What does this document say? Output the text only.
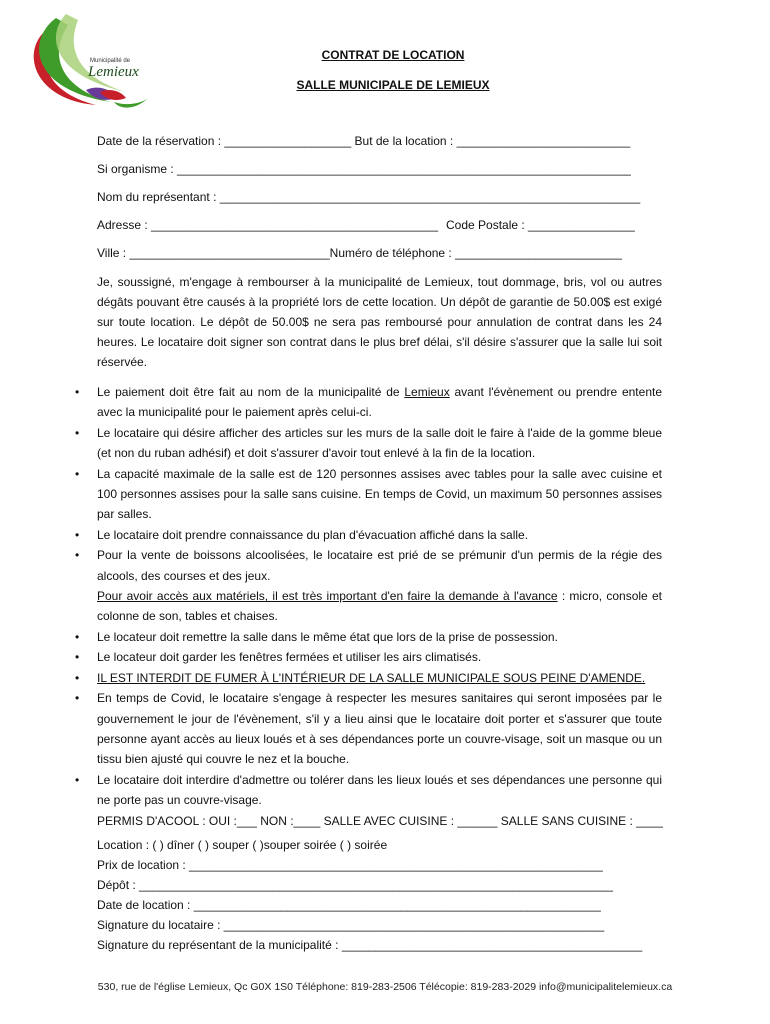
Municipalité de
Lemieux
CONTRAT DE LOCATION
SALLE MUNICIPALE DE LEMIEUX
Date de la réservation : ___________________ But de la location : __________________________
Si organisme : ____________________________________________________________________
Nom du représentant : _______________________________________________________________
Adresse : ___________________________________________ Code Postale : ________________
Ville : ______________________________Numéro de téléphone : _________________________
Je, soussigné, m'engage à rembourser à la municipalité de Lemieux, tout dommage, bris, vol ou autres dégâts pouvant être causés à la propriété lors de cette location. Un dépôt de garantie de 50.00$ est exigé sur toute location. Le dépôt de 50.00$ ne sera pas remboursé pour annulation de contrat dans les 24 heures. Le locataire doit signer son contrat dans le plus bref délai, s'il désire s'assurer que la salle lui soit réservée.
• Le paiement doit être fait au nom de la municipalité de Lemieux avant l'évènement ou prendre entente avec la municipalité pour le paiement après celui-ci.
• Le locataire qui désire afficher des articles sur les murs de la salle doit le faire à l'aide de la gomme bleue (et non du ruban adhésif) et doit s'assurer d'avoir tout enlevé à la fin de la location.
• La capacité maximale de la salle est de 120 personnes assises avec tables pour la salle avec cuisine et 100 personnes assises pour la salle sans cuisine. En temps de Covid, un maximum 50 personnes assises par salles.
• Le locataire doit prendre connaissance du plan d'évacuation affiché dans la salle.
• Pour la vente de boissons alcoolisées, le locataire est prié de se prémunir d'un permis de la régie des alcools, des courses et des jeux.
Pour avoir accès aux matériels, il est très important d'en faire la demande à l'avance : micro, console et colonne de son, tables et chaises.
• Le locateur doit remettre la salle dans le même état que lors de la prise de possession.
• Le locateur doit garder les fenêtres fermées et utiliser les airs climatisés.
• IL EST INTERDIT DE FUMER À L'INTÉRIEUR DE LA SALLE MUNICIPALE SOUS PEINE D'AMENDE.
• En temps de Covid, le locataire s'engage à respecter les mesures sanitaires qui seront imposées par le gouvernement le jour de l'évènement, s'il y a lieu ainsi que le locataire doit porter et s'assurer que toute personne ayant accès au lieux loués et à ses dépendances porte un couvre-visage, soit un masque ou un tissu bien ajusté qui couvre le nez et la bouche.
• Le locataire doit interdire d'admettre ou tolérer dans les lieux loués et ses dépendances une personne qui ne porte pas un couvre-visage.
PERMIS D'ACOOL : OUI :___ NON :____ SALLE AVEC CUISINE : ______ SALLE SANS CUISINE : ____
Location : ( ) dîner ( ) souper ( )souper soirée ( ) soirée
Prix de location : ______________________________________________________________
Dépôt : _______________________________________________________________________
Date de location : _____________________________________________________________
Signature du locataire : _________________________________________________________
Signature du représentant de la municipalité : _____________________________________________
530, rue de l'église Lemieux, Qc G0X 1S0 Téléphone: 819-283-2506 Télécopie: 819-283-2029 info@municipalitelemieux.ca
